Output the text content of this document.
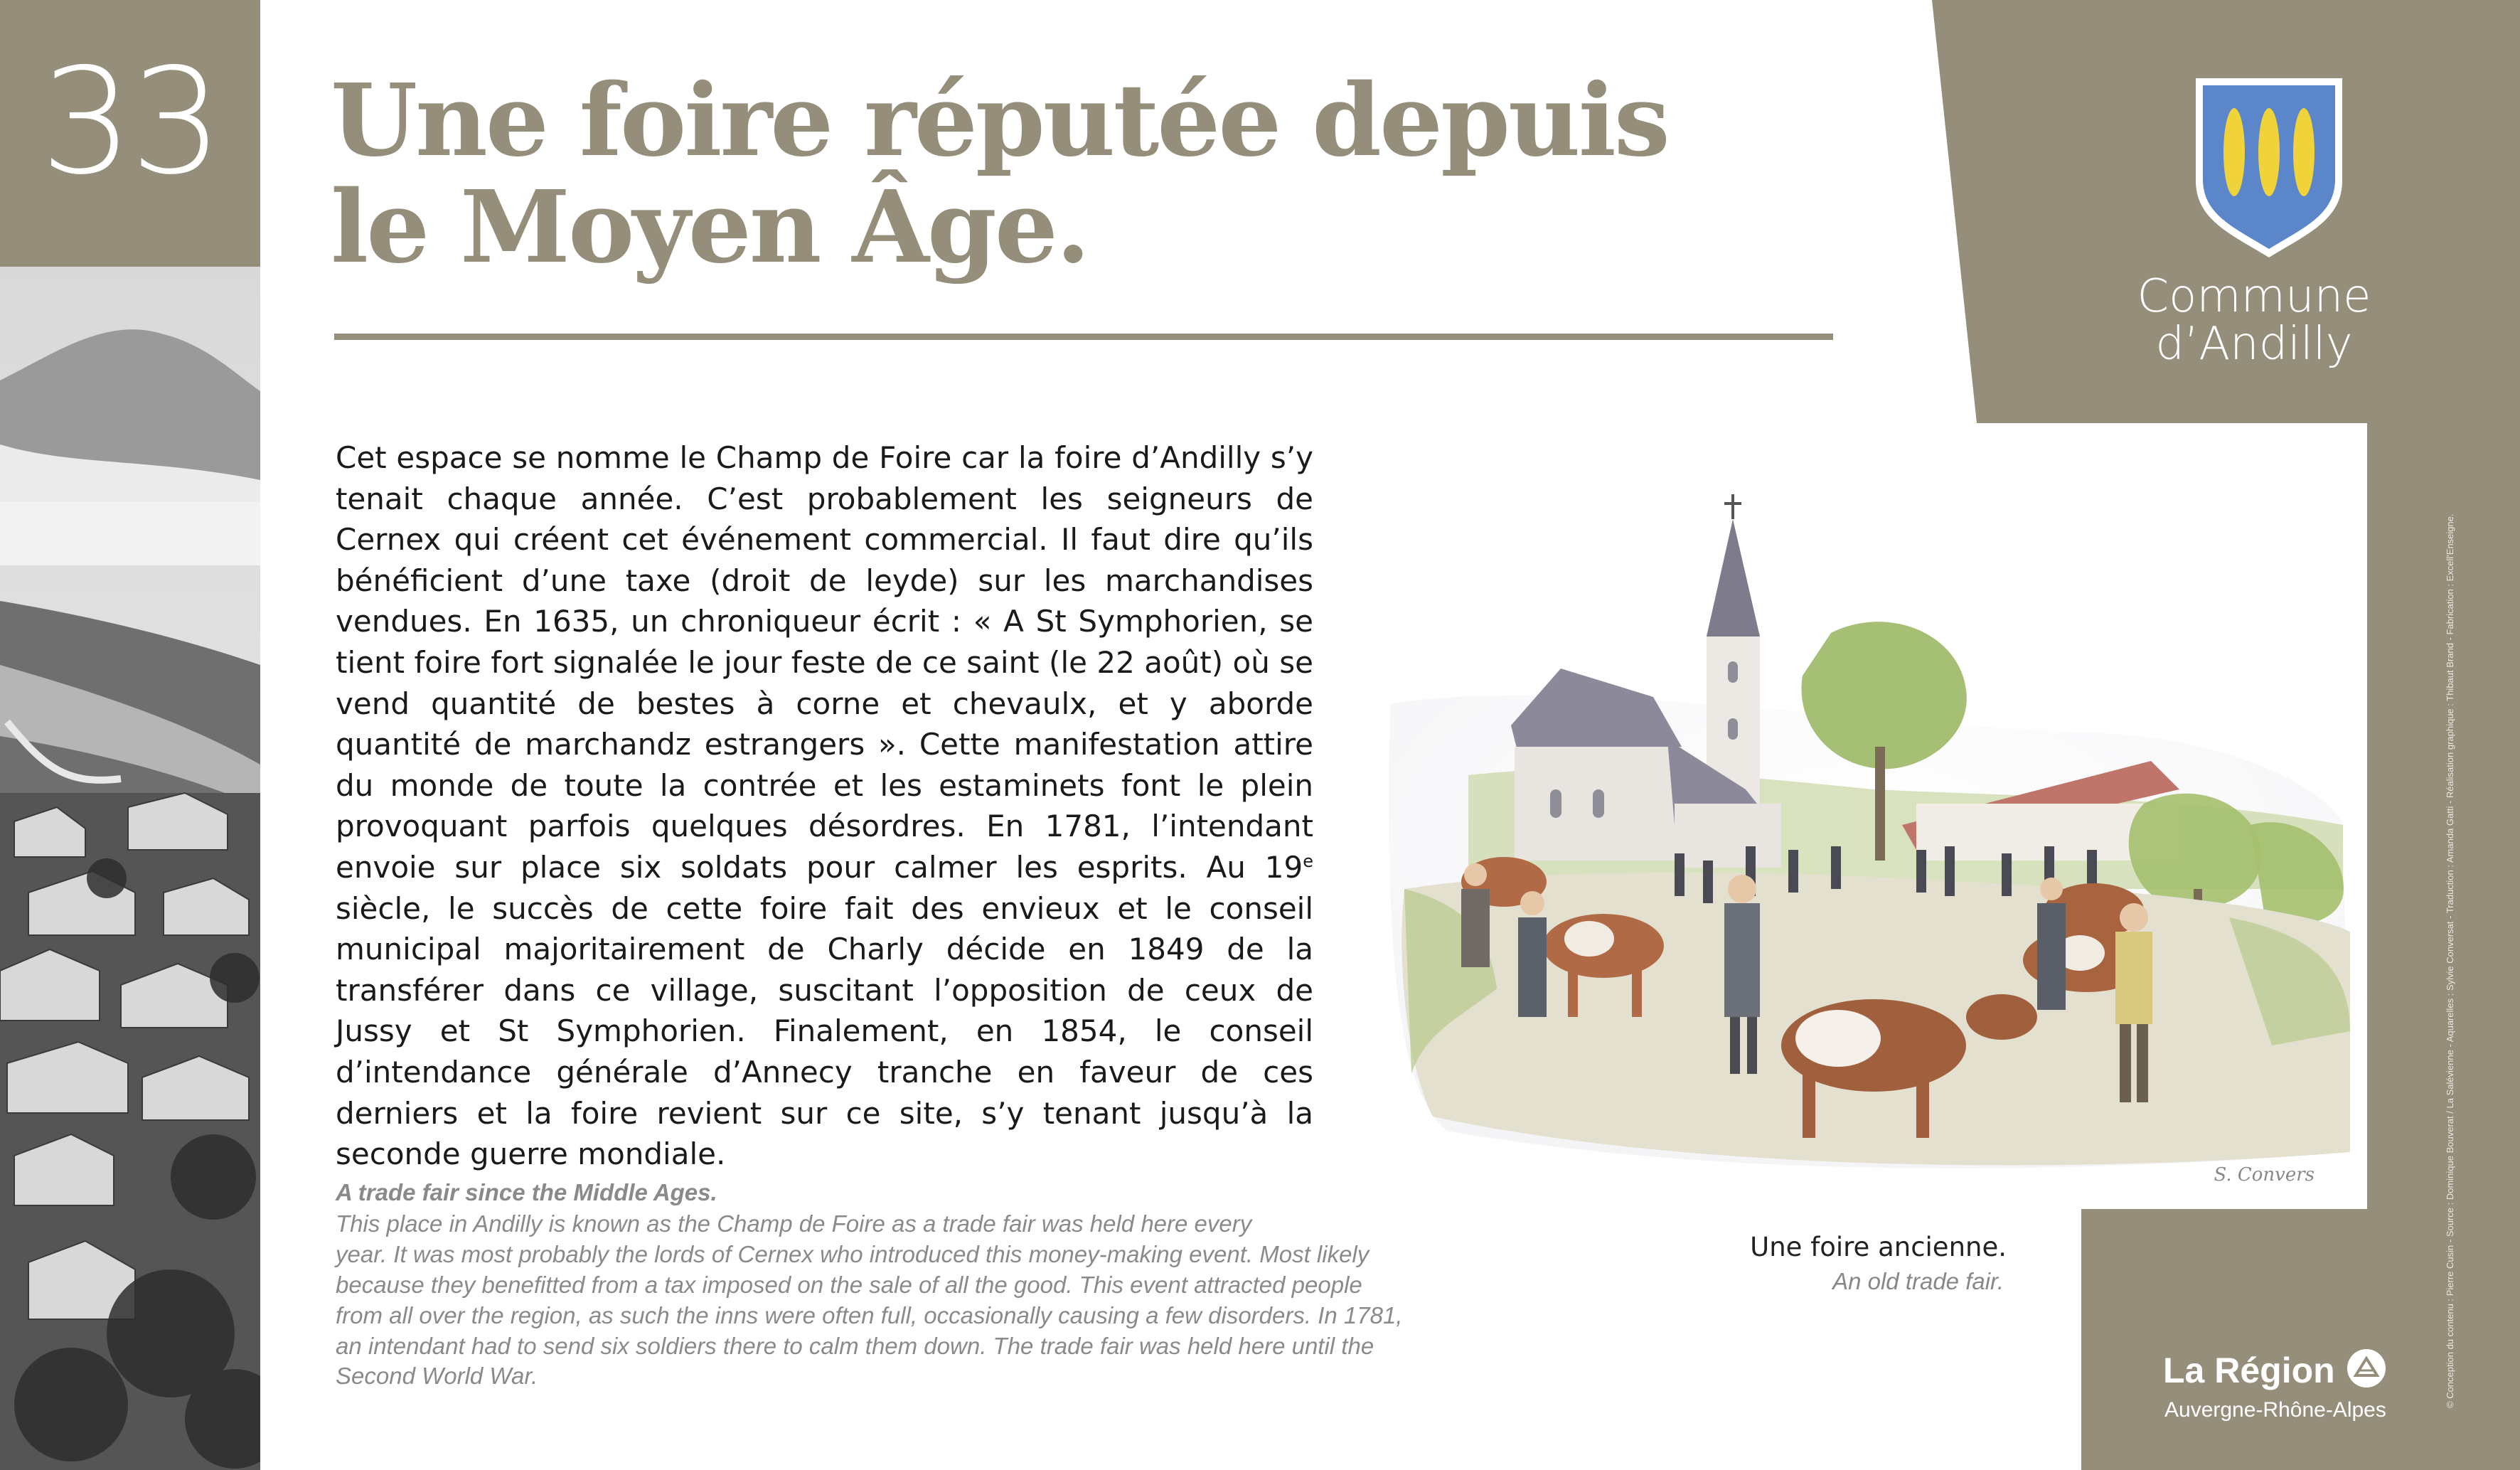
33	Une foire réputée depuis
le Moyen Âge.
Commune
d’Andilly
© Conception du contenu : Pierre Cusin - Source : Dominique Bouverat / La Salévienne - Aquarelles : Sylvie Conversat - Traduction : Amanda Gatti - Réalisation graphique : Thibaut Brand - Fabrication : Excell'Enseigne.
S. Convers
Une foire ancienne.
An old trade fair.

Cet espace se nomme le Champ de Foire car la foire d’Andilly s’y tenait chaque année. C’est probablement les seigneurs de Cernex qui créent cet événement commercial. Il faut dire qu’ils bénéficient d’une taxe (droit de leyde) sur les marchandises vendues. En 1635, un chroniqueur écrit : « A St Symphorien, se tient foire fort signalée le jour feste de ce saint (le 22 août) où se vend quantité de bestes à corne et chevaulx, et y aborde quantité de marchandz estrangers ». Cette manifestation attire du monde de toute la contrée et les estaminets font le plein provoquant parfois quelques désordres. En 1781, l’intendant envoie sur place six soldats pour calmer les esprits. Au 19e siècle, le succès de cette foire fait des envieux et le conseil municipal majoritairement de Charly décide en 1849 de la transférer dans ce village, suscitant l’opposition de ceux de Jussy et St Symphorien. Finalement, en 1854, le conseil d’intendance générale d’Annecy tranche en faveur de ces derniers et la foire revient sur ce site, s’y tenant jusqu’à la seconde guerre mondiale.

A trade fair since the Middle Ages.
This place in Andilly is known as the Champ de Foire as a trade fair was held here every
year. It was most probably the lords of Cernex who introduced this money-making event. Most likely
because they benefitted from a tax imposed on the sale of all the good. This event attracted people
from all over the region, as such the inns were often full, occasionally causing a few disorders. In 1781,
an intendant had to send six soldiers there to calm them down. The trade fair was held here until the
Second World War.	La Région
Auvergne-Rhône-Alpes
